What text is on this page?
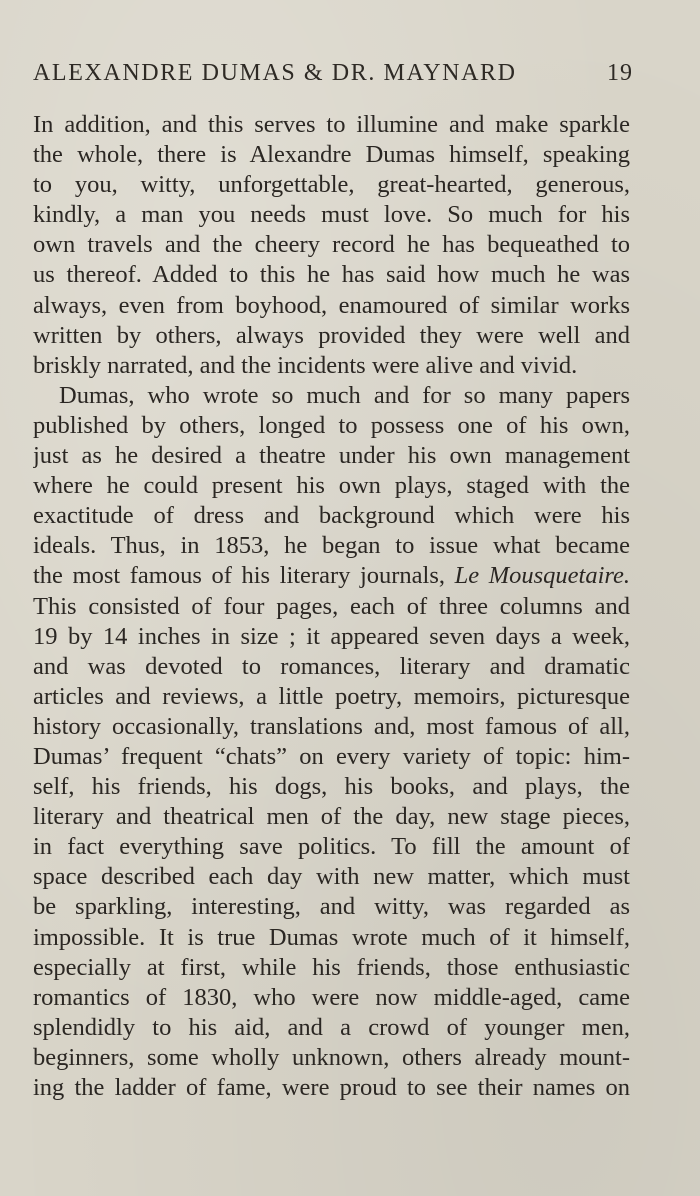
ALEXANDRE DUMAS & DR. MAYNARD	19
In addition, and this serves to illumine and make sparkle
the whole, there is Alexandre Dumas himself, speaking
to you, witty, unforgettable, great-hearted, generous,
kindly, a man you needs must love. So much for his
own travels and the cheery record he has bequeathed to
us thereof. Added to this he has said how much he was
always, even from boyhood, enamoured of similar works
written by others, always provided they were well and
briskly narrated, and the incidents were alive and vivid.
Dumas, who wrote so much and for so many papers
published by others, longed to possess one of his own,
just as he desired a theatre under his own management
where he could present his own plays, staged with the
exactitude of dress and background which were his
ideals. Thus, in 1853, he began to issue what became
the most famous of his literary journals, Le Mousquetaire.
This consisted of four pages, each of three columns and
19 by 14 inches in size ; it appeared seven days a week,
and was devoted to romances, literary and dramatic
articles and reviews, a little poetry, memoirs, picturesque
history occasionally, translations and, most famous of all,
Dumas’ frequent “chats” on every variety of topic: him-
self, his friends, his dogs, his books, and plays, the
literary and theatrical men of the day, new stage pieces,
in fact everything save politics. To fill the amount of
space described each day with new matter, which must
be sparkling, interesting, and witty, was regarded as
impossible. It is true Dumas wrote much of it himself,
especially at first, while his friends, those enthusiastic
romantics of 1830, who were now middle-aged, came
splendidly to his aid, and a crowd of younger men,
beginners, some wholly unknown, others already mount-
ing the ladder of fame, were proud to see their names on
